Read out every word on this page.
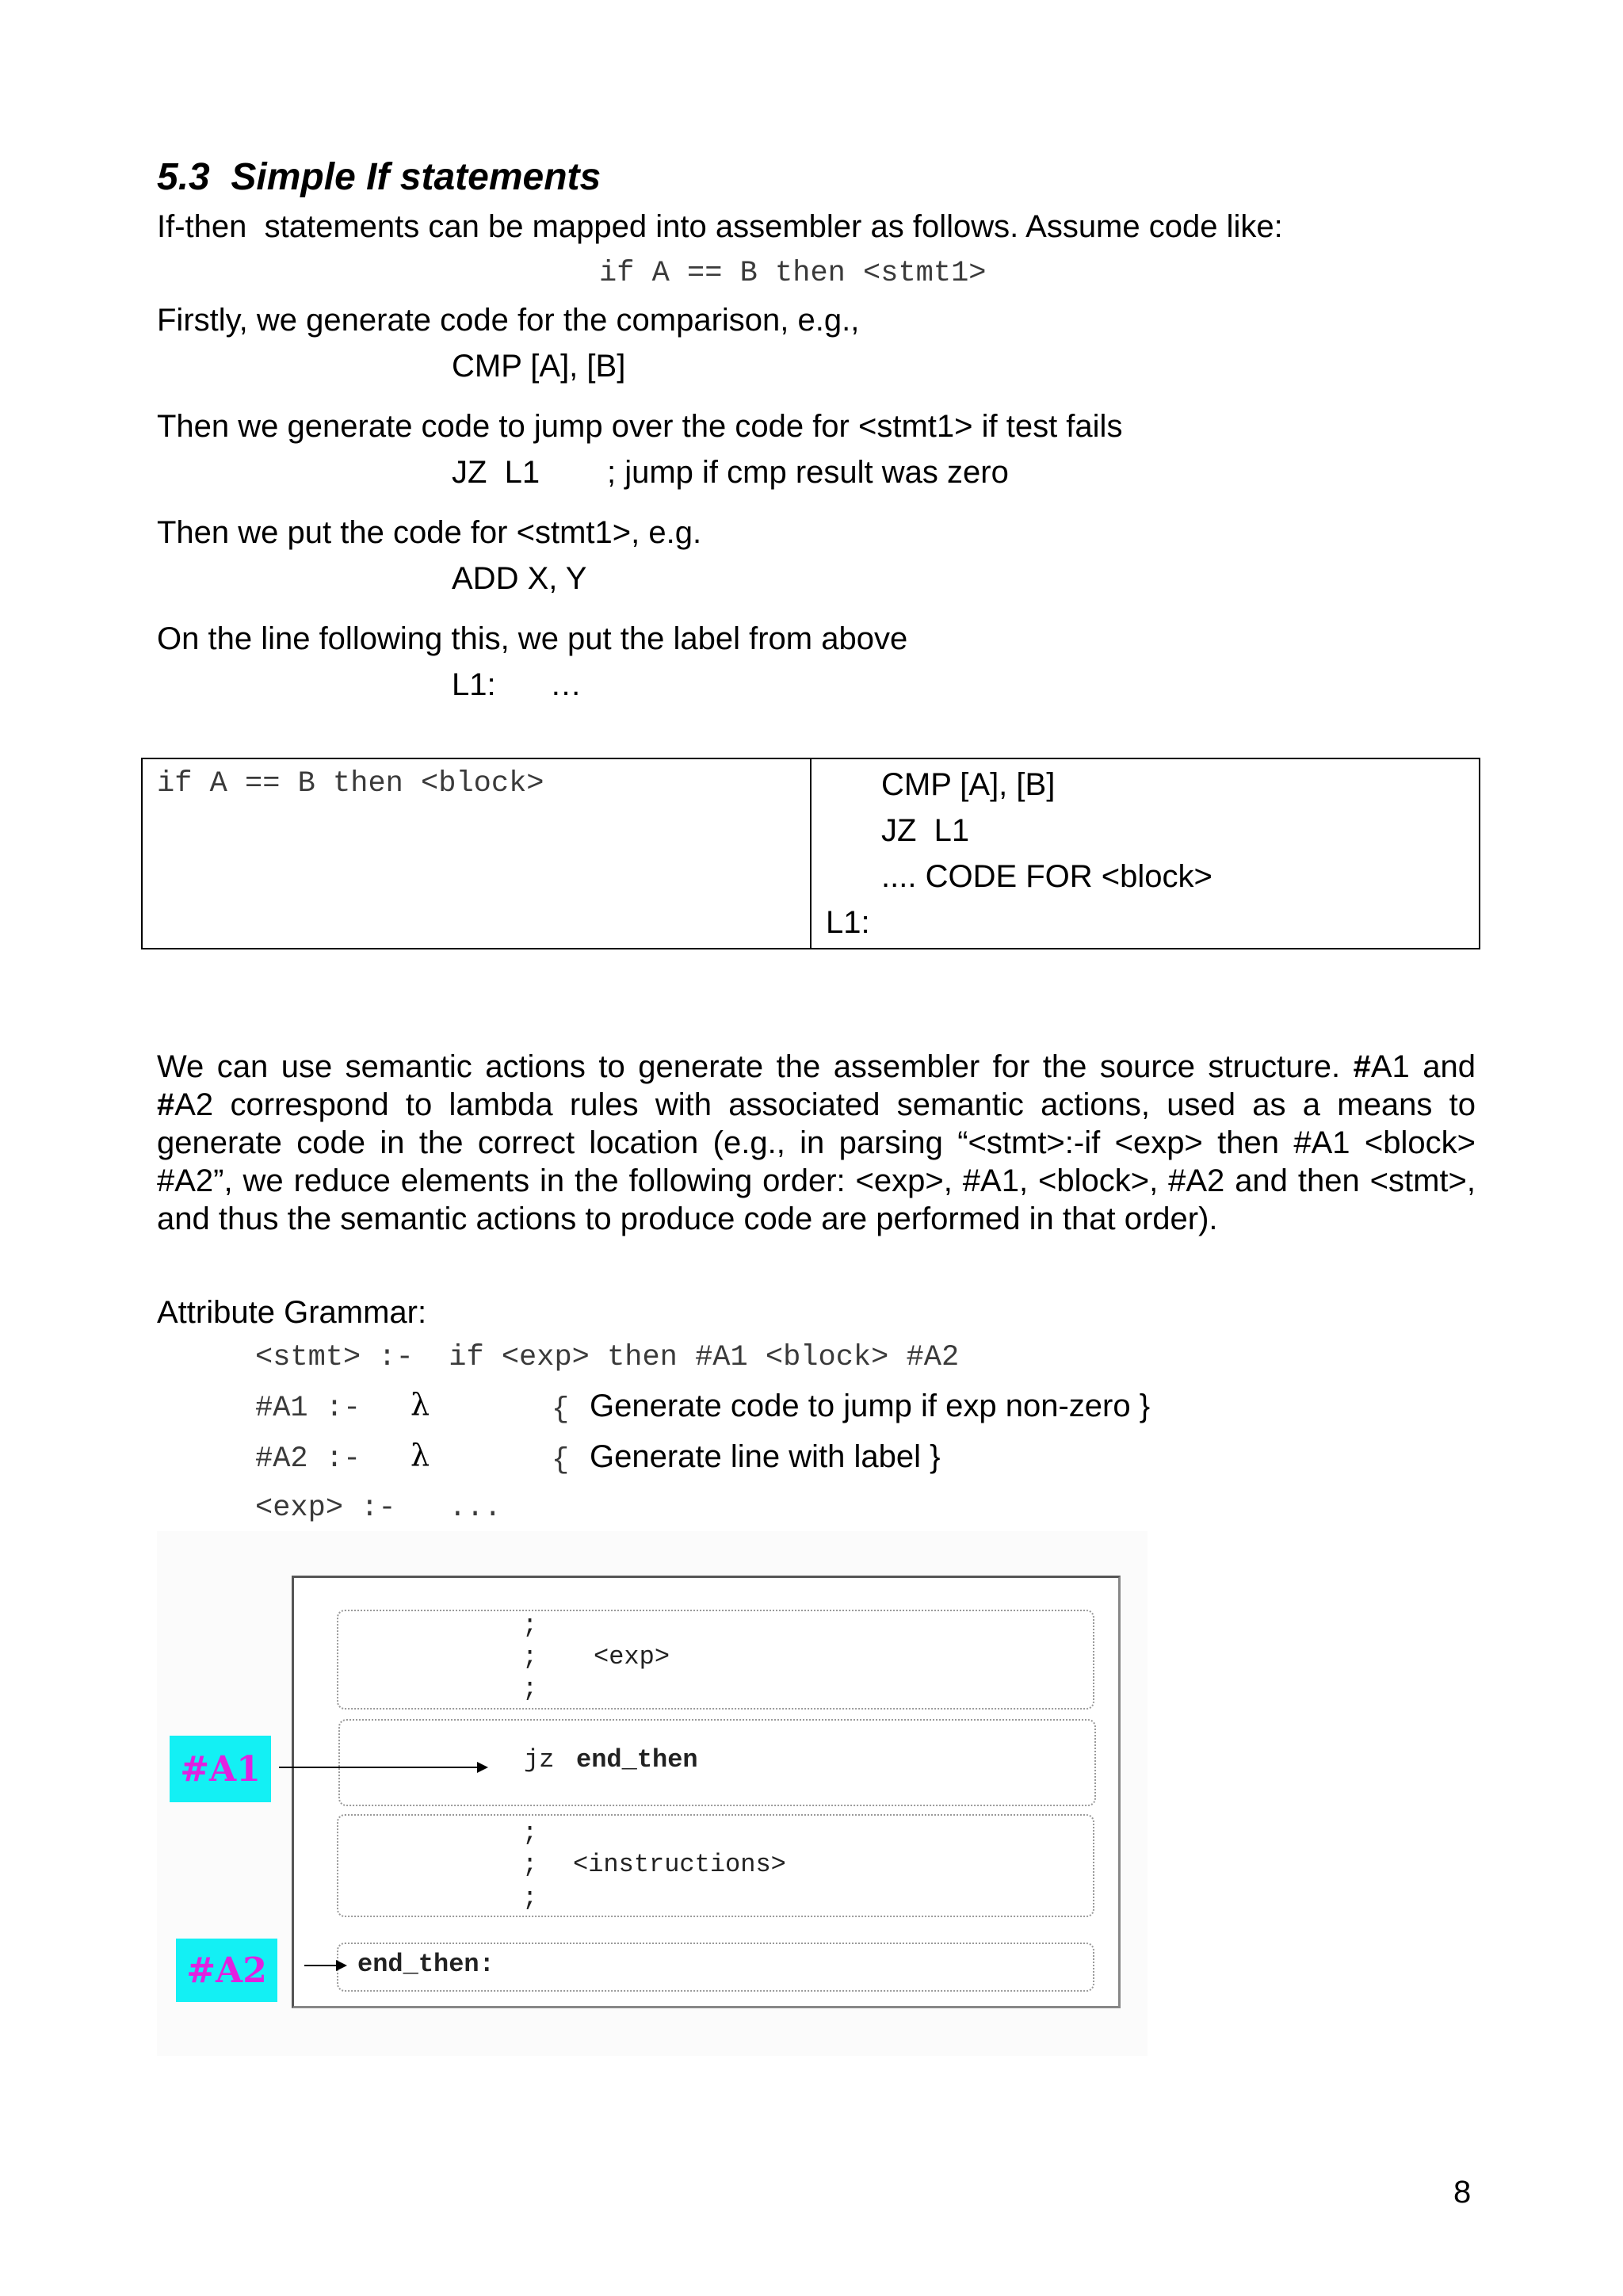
5.3  Simple If statements
If-then  statements can be mapped into assembler as follows. Assume code like:
if A == B then <stmt1>
Firstly, we generate code for the comparison, e.g.,
CMP [A], [B]
Then we generate code to jump over the code for <stmt1> if test fails
JZ  L1 ; jump if cmp result was zero
Then we put the code for <stmt1>, e.g.
ADD X, Y
On the line following this, we put the label from above
L1: …
if A == B then <block>	CMP [A], [B]
JZ  L1
.... CODE FOR <block>
L1:
We can use semantic actions to generate the assembler for the source structure. #A1 and #A2 correspond to lambda rules with associated semantic actions, used as a means to generate code in the correct location (e.g., in parsing “<stmt>:-if <exp> then #A1 <block> #A2”, we reduce elements in the following order: <exp>, #A1, <block>, #A2 and then <stmt>, and thus the semantic actions to produce code are performed in that order).
Attribute Grammar:
<stmt> :-  if <exp> then #A1 <block> #A2
#A1 :- λ	{ Generate code to jump if exp non-zero }
#A2 :- λ	{ Generate line with label }
<exp> :-   ...
;
; <exp>
;
jz end_then
;
; <instructions>
;
end_then:
#A1
#A2
8
